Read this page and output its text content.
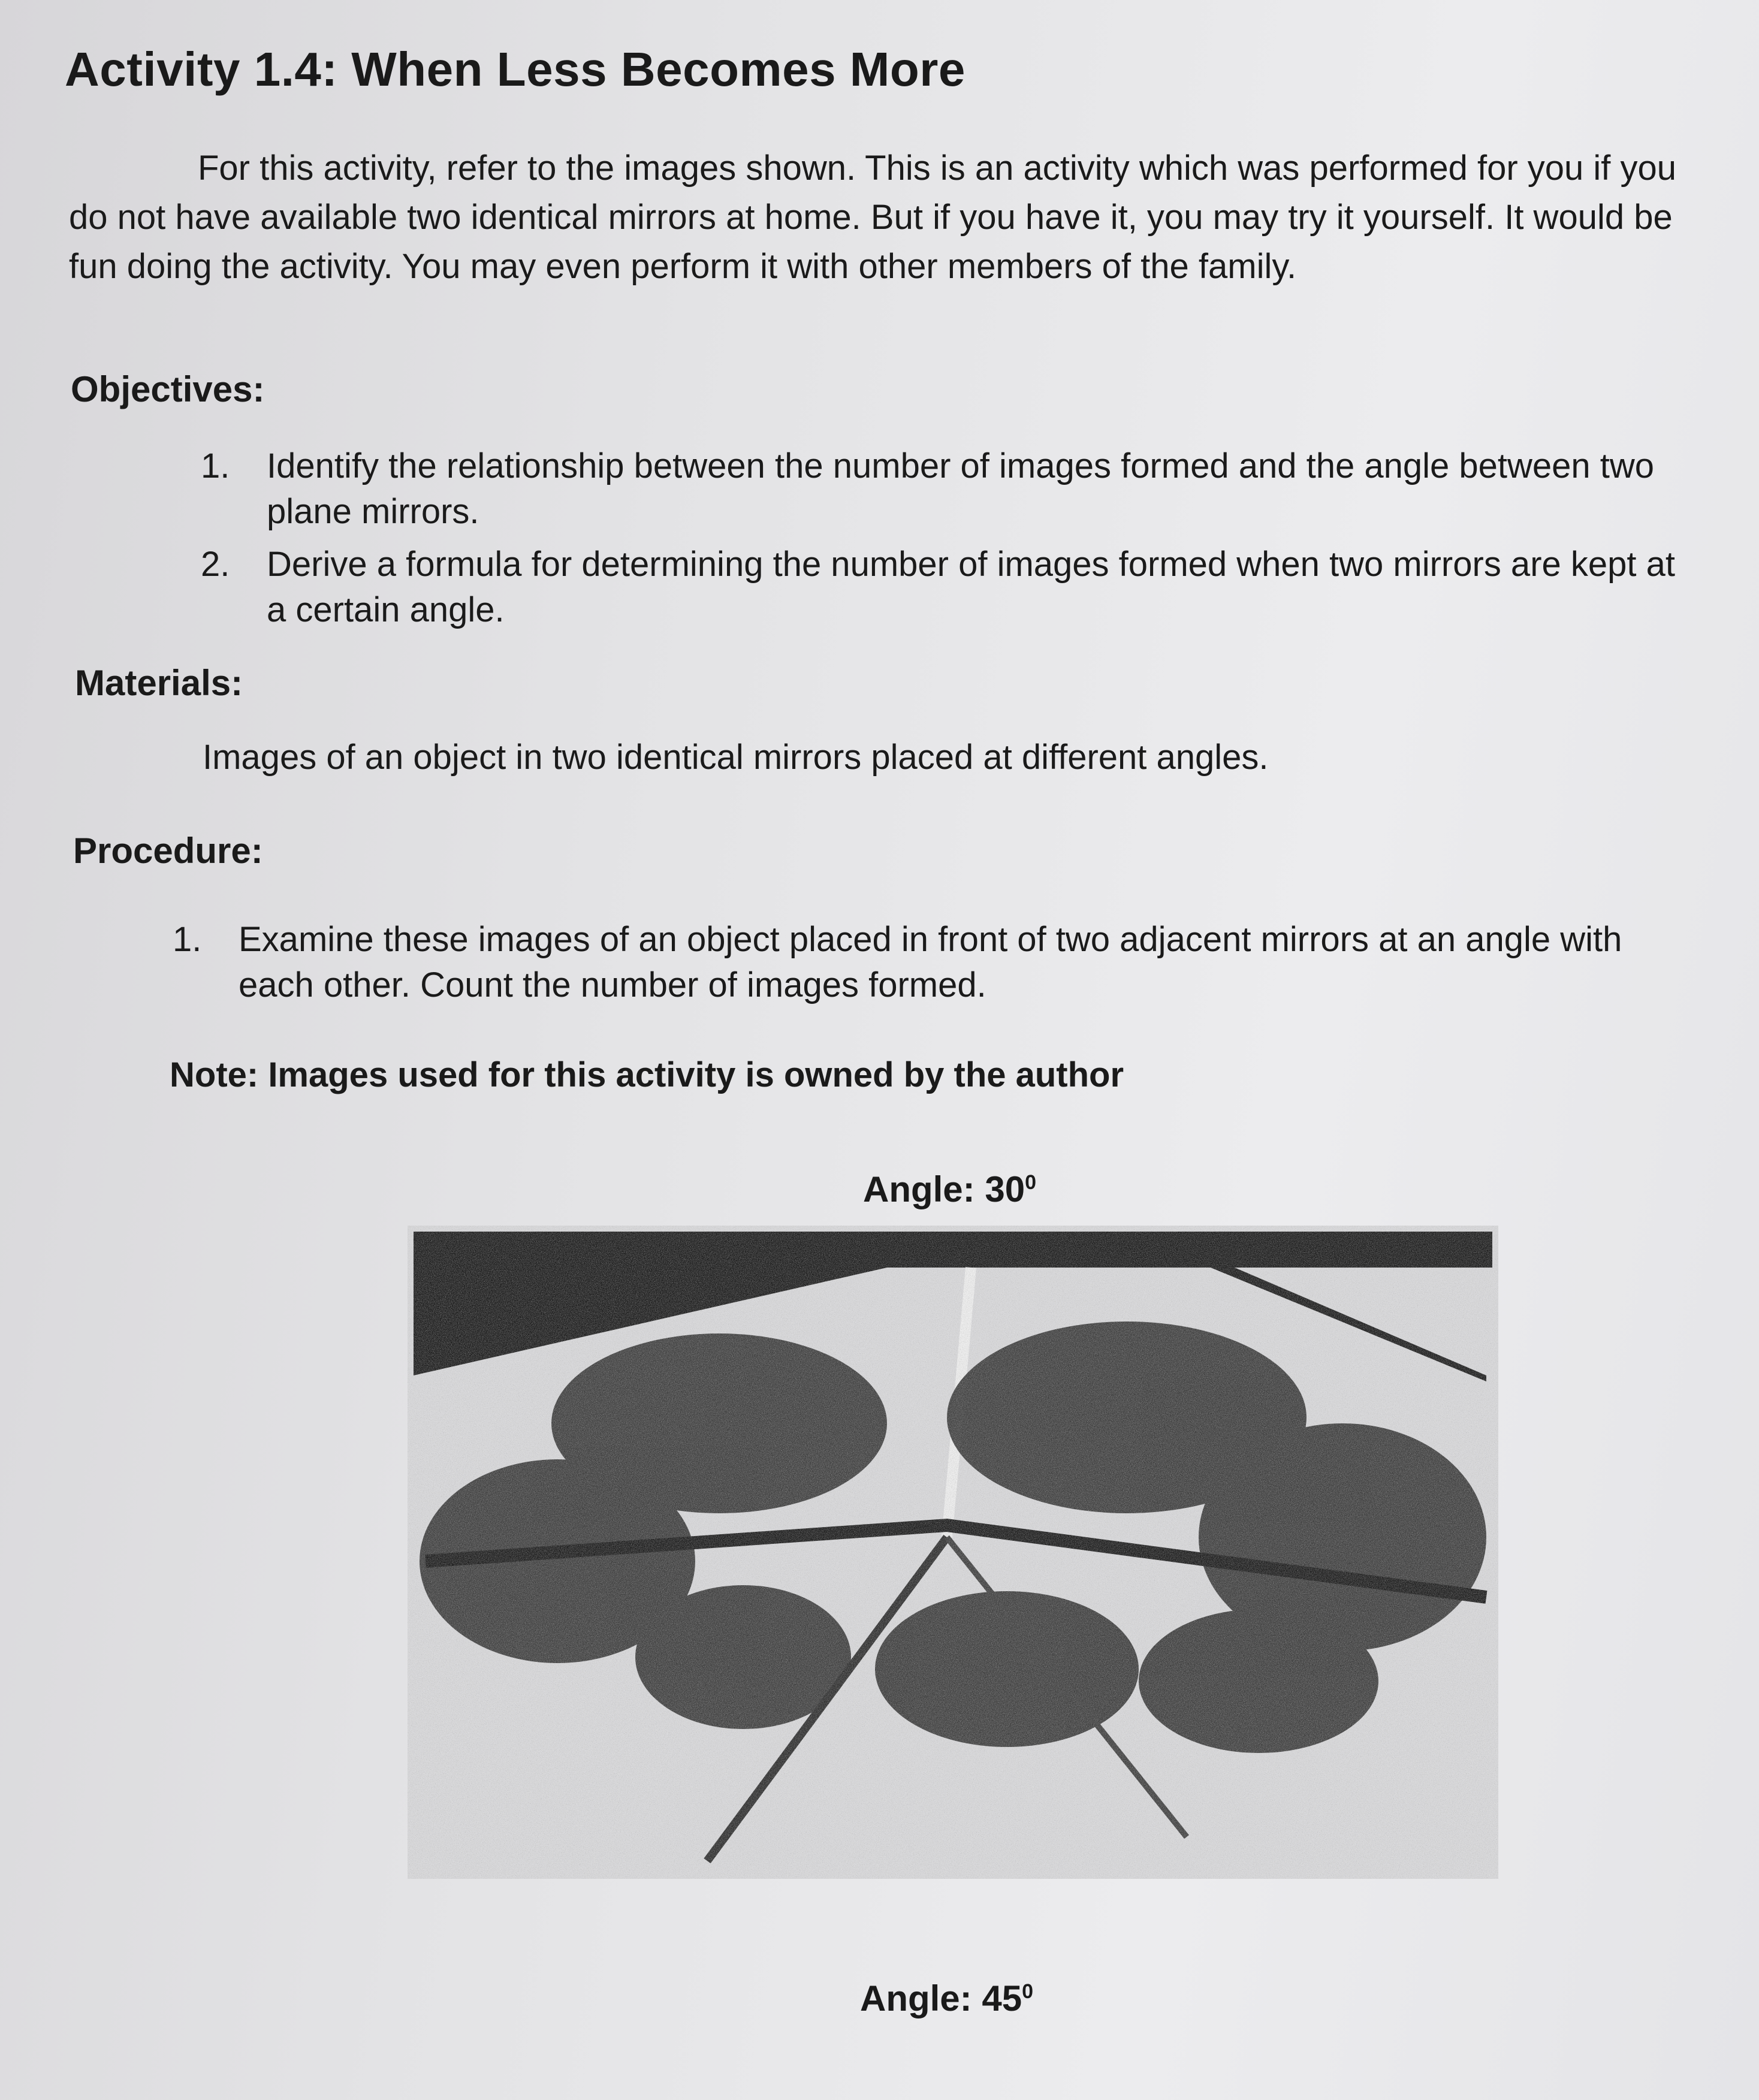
Activity 1.4: When Less Becomes More

For this activity, refer to the images shown. This is an activity which was performed for you if you do not have available two identical mirrors at home. But if you have it, you may try it yourself. It would be fun doing the activity. You may even perform it with other members of the family.

Objectives:
1. Identify the relationship between the number of images formed and the angle between two plane mirrors.
2. Derive a formula for determining the number of images formed when two mirrors are kept at a certain angle.
Materials:
Images of an object in two identical mirrors placed at different angles.
Procedure:
1. Examine these images of an object placed in front of two adjacent mirrors at an angle with each other. Count the number of images formed.
Note: Images used for this activity is owned by the author
Angle: $30^0$
Angle: $45^0$
